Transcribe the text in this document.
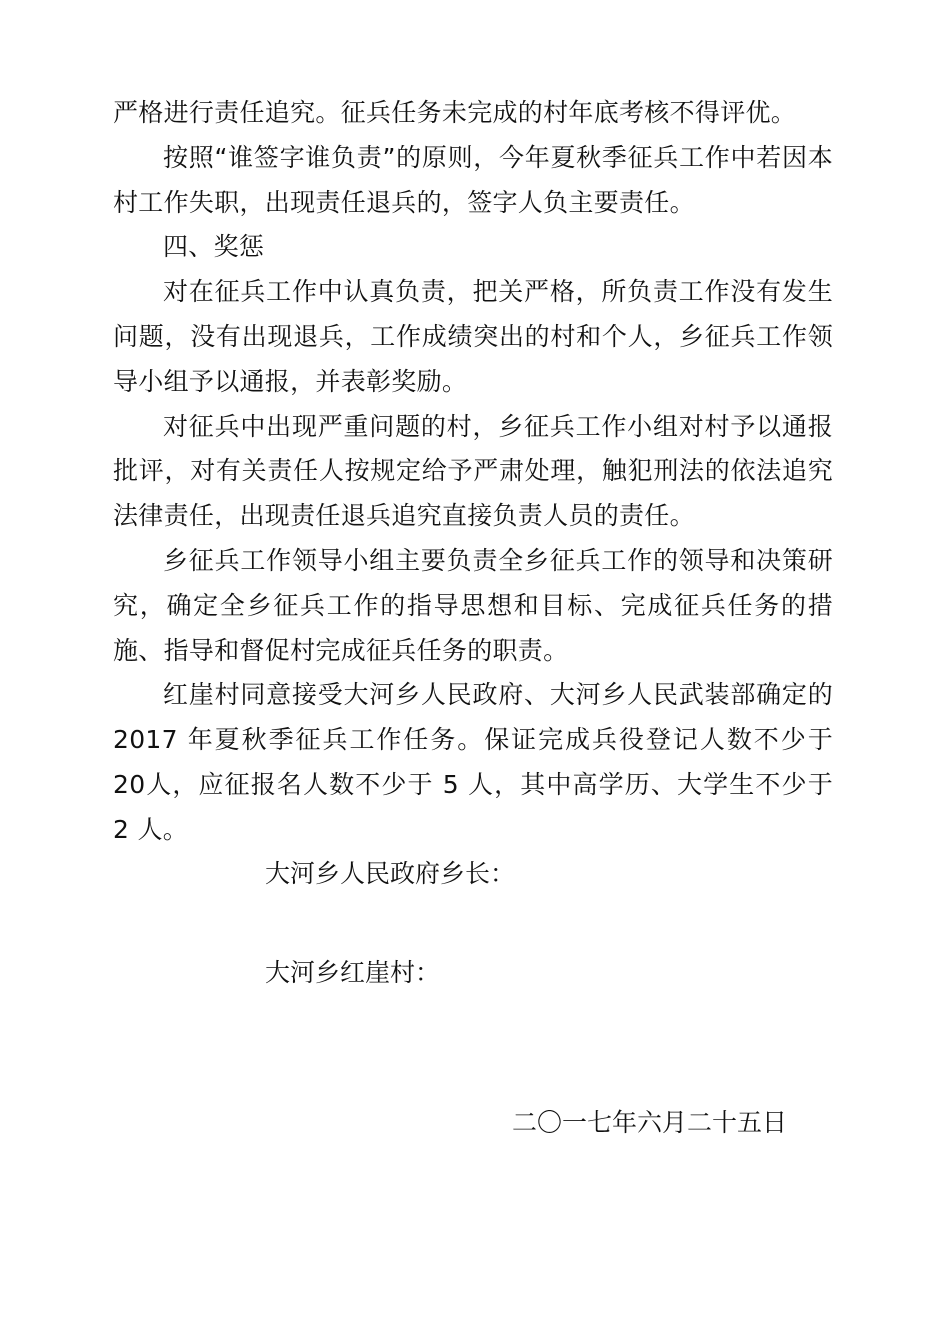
严格进行责任追究。征兵任务未完成的村年底考核不得评优。

按照“谁签字谁负责”的原则，今年夏秋季征兵工作中若因本村工作失职，出现责任退兵的，签字人负主要责任。

四、奖惩

对在征兵工作中认真负责，把关严格，所负责工作没有发生问题，没有出现退兵，工作成绩突出的村和个人，乡征兵工作领导小组予以通报，并表彰奖励。

对征兵中出现严重问题的村，乡征兵工作小组对村予以通报批评，对有关责任人按规定给予严肃处理，触犯刑法的依法追究法律责任，出现责任退兵追究直接负责人员的责任。

乡征兵工作领导小组主要负责全乡征兵工作的领导和决策研究，确定全乡征兵工作的指导思想和目标、完成征兵任务的措施、指导和督促村完成征兵任务的职责。

红崖村同意接受大河乡人民政府、大河乡人民武装部确定的2017 年夏秋季征兵工作任务。保证完成兵役登记人数不少于 20人，应征报名人数不少于 5 人，其中高学历、大学生不少于 2 人。

大河乡人民政府乡长：

大河乡红崖村：

二〇一七年六月二十五日
